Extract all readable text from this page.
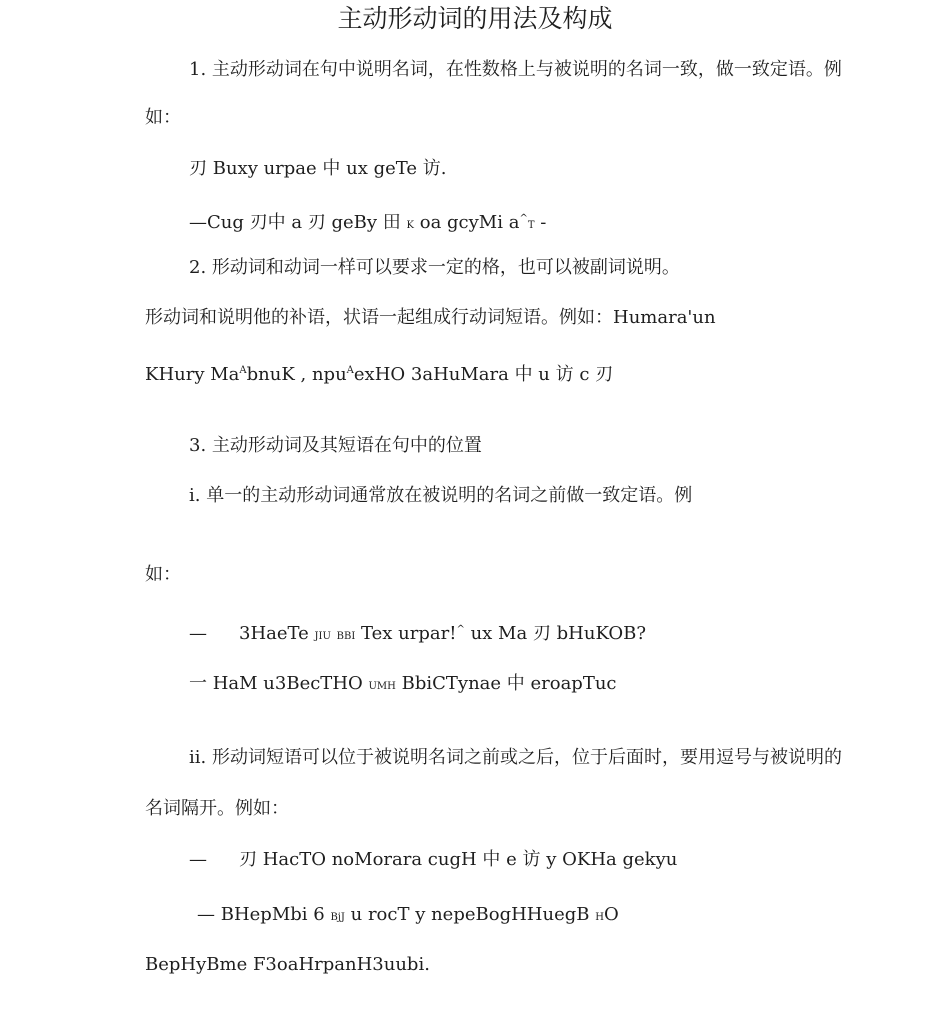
主动形动词的用法及构成
1. 主动形动词在句中说明名词，在性数格上与被说明的名词一致，做一致定语。例
如：
刃 Buxy urpae 中 ux geTe 访.
—Cug 刃中 a 刃 geBy 田 K oa gcyMi a^T -
2. 形动词和动词一样可以要求一定的格，也可以被副词说明。
形动词和说明他的补语，状语一起组成行动词短语。例如：Humara'un
KHury $Ma^AbnuK$ , npu$^A$exHO 3aHuMara 中 u 访 c 刃
3. 主动形动词及其短语在句中的位置
i. 单一的主动形动词通常放在被说明的名词之前做一致定语。例
如：
— 3HaeTe JIU BBI Tex urpar!^ ux Ma 刃 bHuKOB?
一 HaM u3BecTHO UMH BbiCTynae 中 eroapTuc
ii. 形动词短语可以位于被说明名词之前或之后，位于后面时，要用逗号与被说明的
名词隔开。例如：
— 刃 HacTO noMorara cugH 中 e 访 y OKHa gekyu
— BHepMbi 6 BjJ u rocT y nepeBogHHuegB HO
BepHyBme F3oaHrpanH3uubi.
